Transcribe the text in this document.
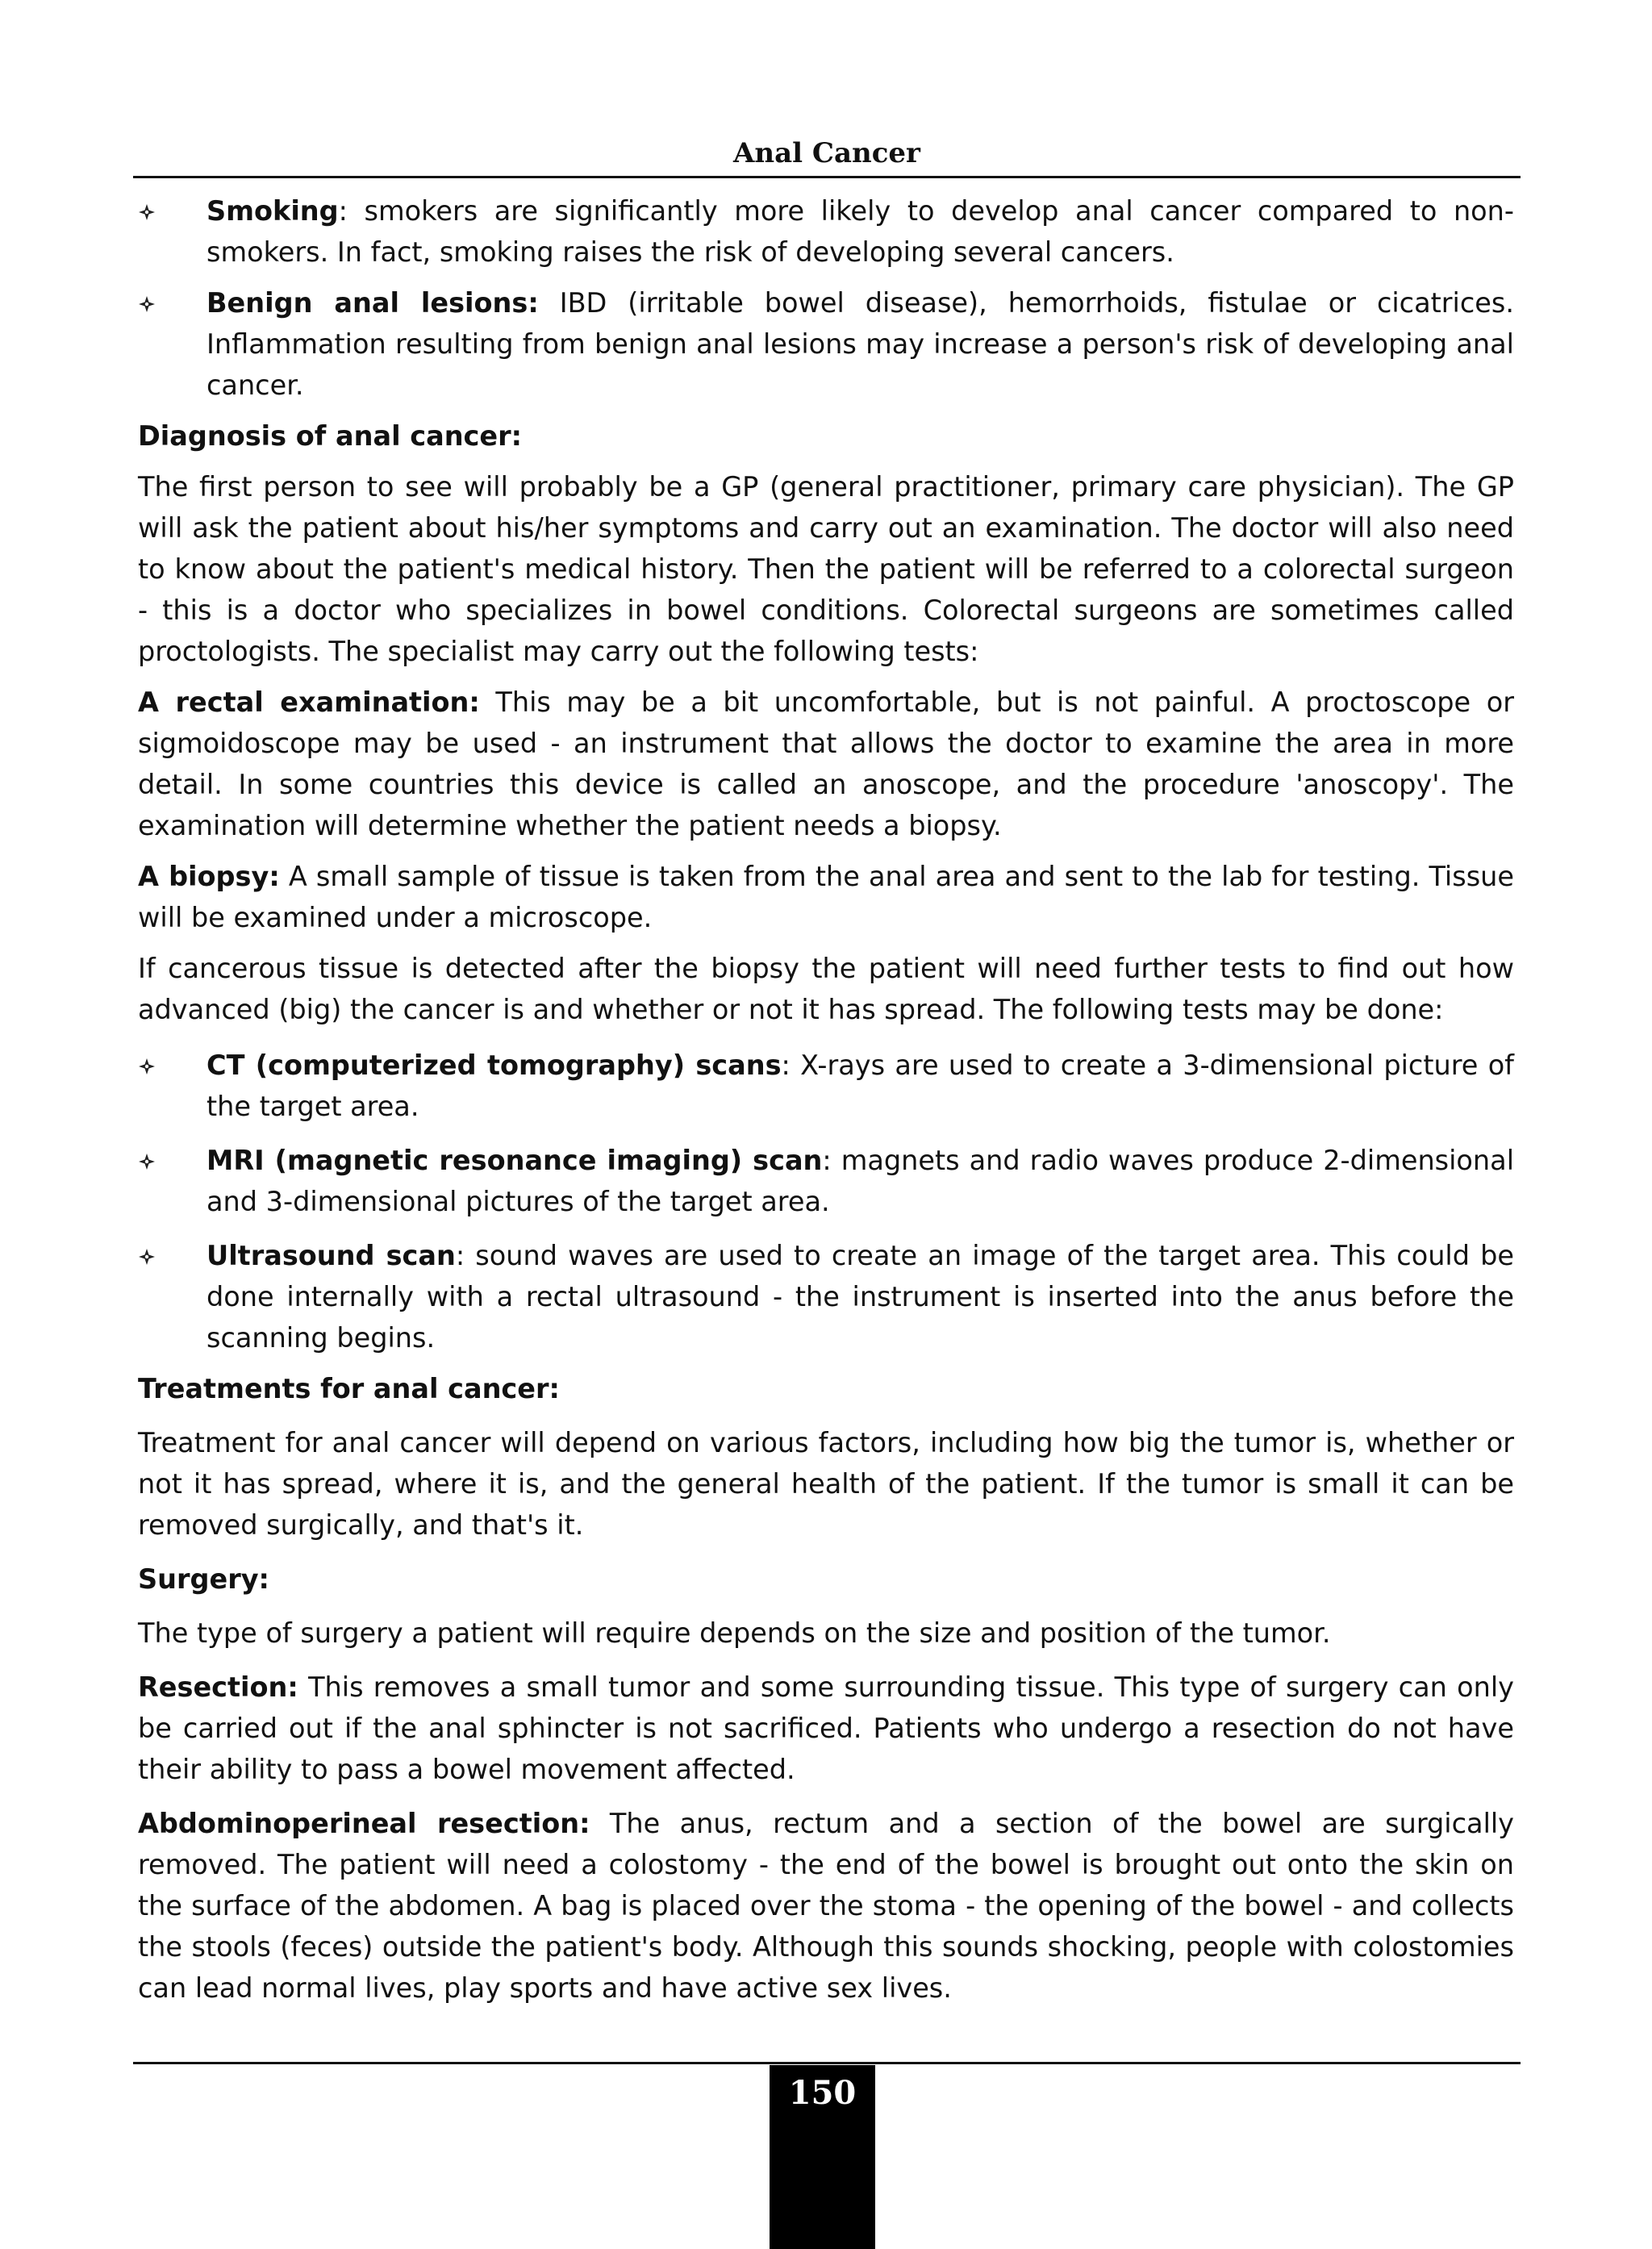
Anal Cancer
Smoking: smokers are significantly more likely to develop anal cancer compared to non-smokers. In fact, smoking raises the risk of developing several cancers.
Benign anal lesions: IBD (irritable bowel disease), hemorrhoids, fistulae or cicatrices. Inflammation resulting from benign anal lesions may increase a person's risk of developing anal cancer.
Diagnosis of anal cancer:

The first person to see will probably be a GP (general practitioner, primary care physician). The GP will ask the patient about his/her symptoms and carry out an examination. The doctor will also need to know about the patient's medical history. Then the patient will be referred to a colorectal surgeon - this is a doctor who specializes in bowel conditions. Colorectal surgeons are sometimes called proctologists. The specialist may carry out the following tests:

A rectal examination: This may be a bit uncomfortable, but is not painful. A proctoscope or sigmoidoscope may be used - an instrument that allows the doctor to examine the area in more detail. In some countries this device is called an anoscope, and the procedure 'anoscopy'. The examination will determine whether the patient needs a biopsy.

A biopsy: A small sample of tissue is taken from the anal area and sent to the lab for testing. Tissue will be examined under a microscope.

If cancerous tissue is detected after the biopsy the patient will need further tests to find out how advanced (big) the cancer is and whether or not it has spread. The following tests may be done:

CT (computerized tomography) scans: X-rays are used to create a 3-dimensional picture of the target area.
MRI (magnetic resonance imaging) scan: magnets and radio waves produce 2-dimensional and 3-dimensional pictures of the target area.
Ultrasound scan: sound waves are used to create an image of the target area. This could be done internally with a rectal ultrasound - the instrument is inserted into the anus before the scanning begins.
Treatments for anal cancer:

Treatment for anal cancer will depend on various factors, including how big the tumor is, whether or not it has spread, where it is, and the general health of the patient. If the tumor is small it can be removed surgically, and that's it.

Surgery:

The type of surgery a patient will require depends on the size and position of the tumor.

Resection: This removes a small tumor and some surrounding tissue. This type of surgery can only be carried out if the anal sphincter is not sacrificed. Patients who undergo a resection do not have their ability to pass a bowel movement affected.

Abdominoperineal resection: The anus, rectum and a section of the bowel are surgically removed. The patient will need a colostomy - the end of the bowel is brought out onto the skin on the surface of the abdomen. A bag is placed over the stoma - the opening of the bowel - and collects the stools (feces) outside the patient's body. Although this sounds shocking, people with colostomies can lead normal lives, play sports and have active sex lives.

150
